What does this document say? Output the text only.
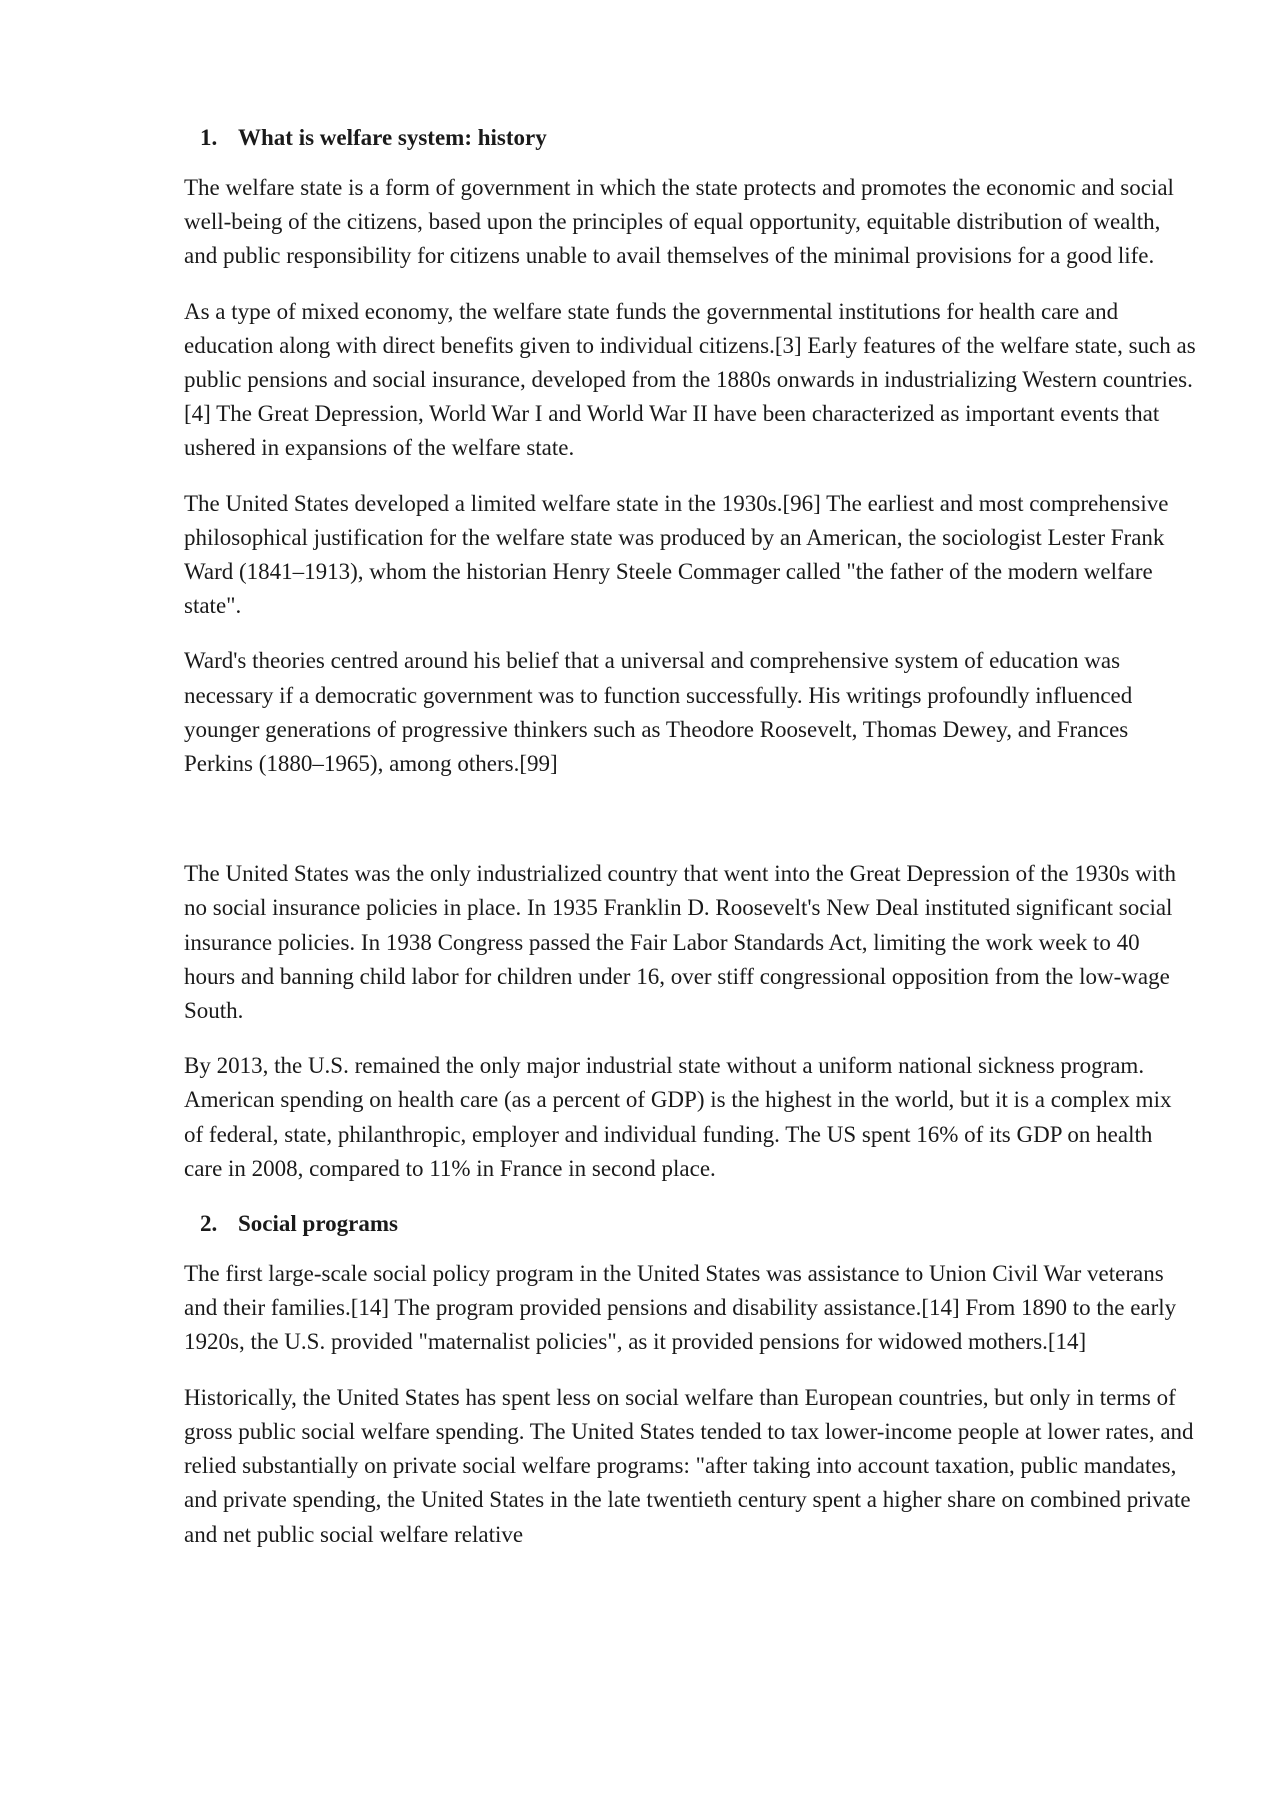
1. What is welfare system: history

The welfare state is a form of government in which the state protects and promotes the economic and social well-being of the citizens, based upon the principles of equal opportunity, equitable distribution of wealth, and public responsibility for citizens unable to avail themselves of the minimal provisions for a good life.

As a type of mixed economy, the welfare state funds the governmental institutions for health care and education along with direct benefits given to individual citizens.[3] Early features of the welfare state, such as public pensions and social insurance, developed from the 1880s onwards in industrializing Western countries.[4] The Great Depression, World War I and World War II have been characterized as important events that ushered in expansions of the welfare state.

The United States developed a limited welfare state in the 1930s.[96] The earliest and most comprehensive philosophical justification for the welfare state was produced by an American, the sociologist Lester Frank Ward (1841–1913), whom the historian Henry Steele Commager called "the father of the modern welfare state".

Ward's theories centred around his belief that a universal and comprehensive system of education was necessary if a democratic government was to function successfully. His writings profoundly influenced younger generations of progressive thinkers such as Theodore Roosevelt, Thomas Dewey, and Frances Perkins (1880–1965), among others.[99]

The United States was the only industrialized country that went into the Great Depression of the 1930s with no social insurance policies in place. In 1935 Franklin D. Roosevelt's New Deal instituted significant social insurance policies. In 1938 Congress passed the Fair Labor Standards Act, limiting the work week to 40 hours and banning child labor for children under 16, over stiff congressional opposition from the low-wage South.

By 2013, the U.S. remained the only major industrial state without a uniform national sickness program. American spending on health care (as a percent of GDP) is the highest in the world, but it is a complex mix of federal, state, philanthropic, employer and individual funding. The US spent 16% of its GDP on health care in 2008, compared to 11% in France in second place.

2. Social programs

The first large-scale social policy program in the United States was assistance to Union Civil War veterans and their families.[14] The program provided pensions and disability assistance.[14] From 1890 to the early 1920s, the U.S. provided "maternalist policies", as it provided pensions for widowed mothers.[14]

Historically, the United States has spent less on social welfare than European countries, but only in terms of gross public social welfare spending. The United States tended to tax lower-income people at lower rates, and relied substantially on private social welfare programs: "after taking into account taxation, public mandates, and private spending, the United States in the late twentieth century spent a higher share on combined private and net public social welfare relative
